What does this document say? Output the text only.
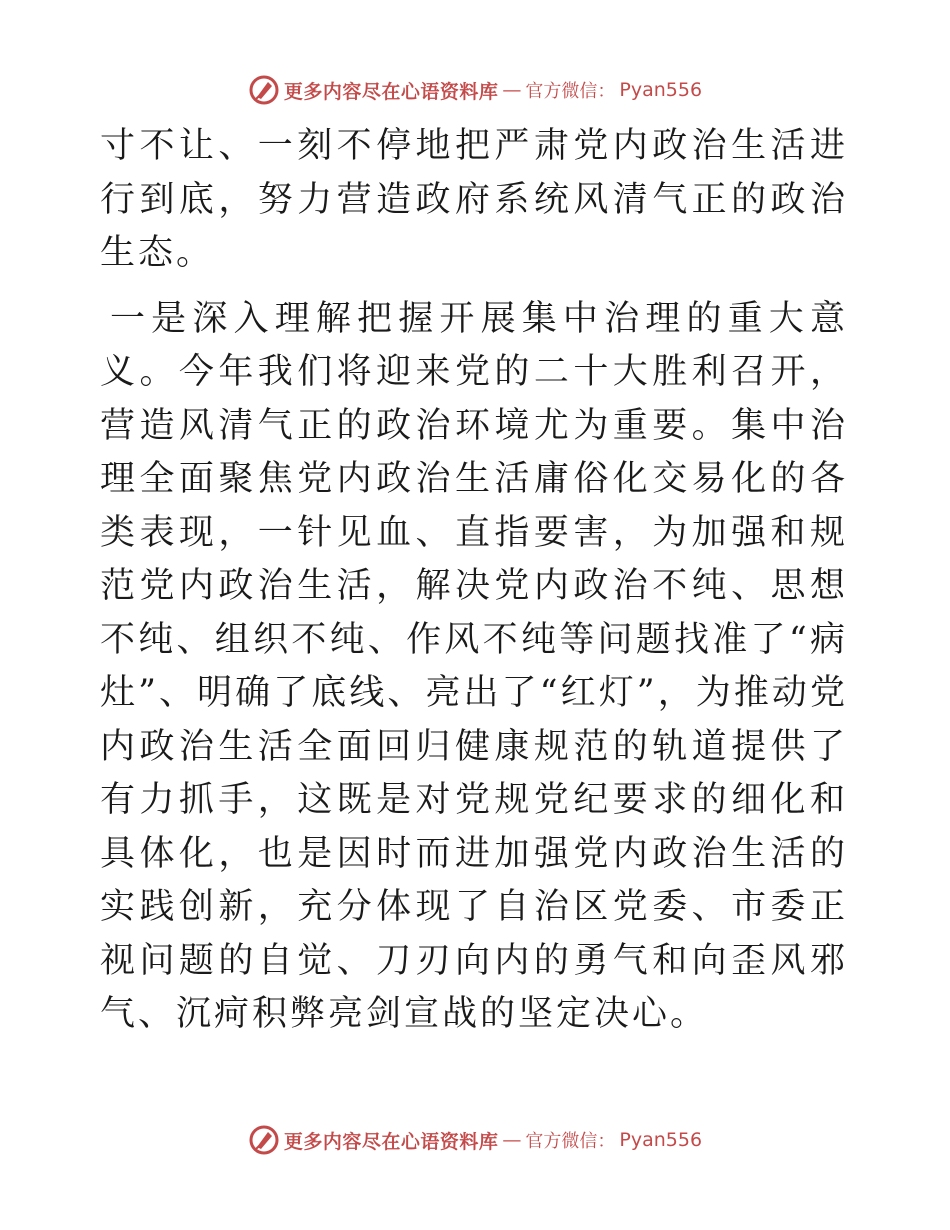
更多内容尽在心语资料库 — 官方微信： Pyan556

寸不让、一刻不停地把严肃党内政治生活进行到底，努力营造政府系统风清气正的政治生态。

一是深入理解把握开展集中治理的重大意义。今年我们将迎来党的二十大胜利召开，营造风清气正的政治环境尤为重要。集中治理全面聚焦党内政治生活庸俗化交易化的各类表现，一针见血、直指要害，为加强和规范党内政治生活，解决党内政治不纯、思想不纯、组织不纯、作风不纯等问题找准了“病灶”、明确了底线、亮出了“红灯”，为推动党内政治生活全面回归健康规范的轨道提供了有力抓手，这既是对党规党纪要求的细化和具体化，也是因时而进加强党内政治生活的实践创新，充分体现了自治区党委、市委正视问题的自觉、刀刃向内的勇气和向歪风邪气、沉疴积弊亮剑宣战的坚定决心。

更多内容尽在心语资料库 — 官方微信： Pyan556
